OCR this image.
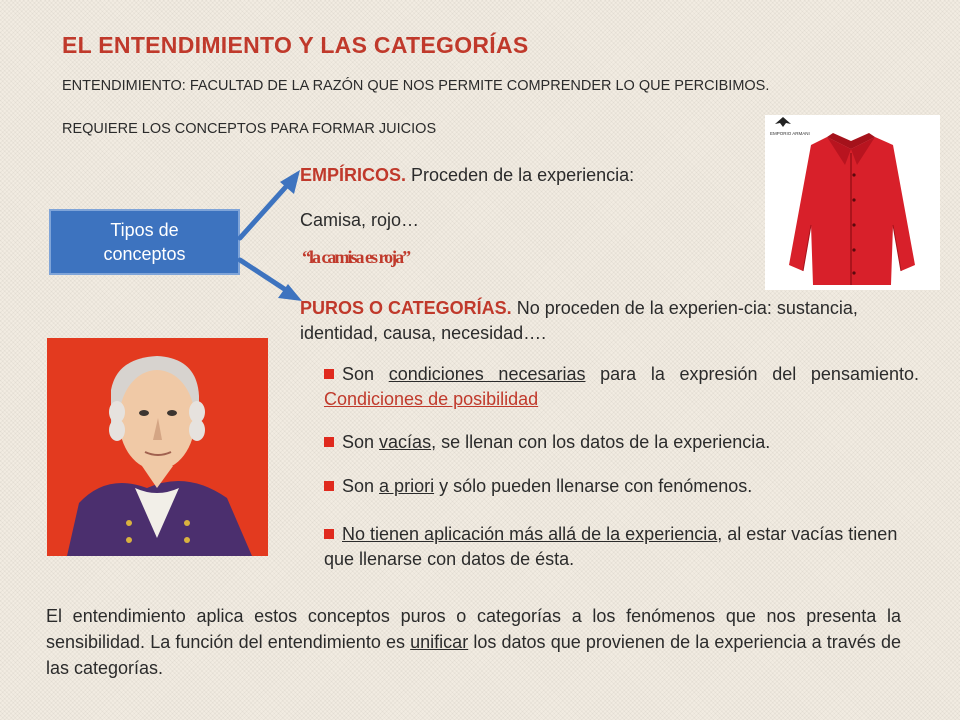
EL ENTENDIMIENTO Y LAS CATEGORÍAS
ENTENDIMIENTO: FACULTAD DE LA RAZÓN QUE NOS PERMITE COMPRENDER LO QUE PERCIBIMOS.
REQUIERE LOS CONCEPTOS PARA FORMAR JUICIOS
Tipos de
conceptos
EMPÍRICOS. Proceden de la experiencia:
Camisa, rojo…
“la camisa es roja”
EMPORIO ARMANI
PUROS O CATEGORÍAS. No proceden de la experien-cia: sustancia, identidad, causa, necesidad….
Son condiciones necesarias para la expresión del pensamiento. Condiciones de posibilidad
Son vacías, se llenan con los datos de la experiencia.
Son a priori y sólo pueden llenarse con fenómenos.
No tienen aplicación más allá de la experiencia, al estar vacías tienen que llenarse con datos de ésta.
El entendimiento aplica estos conceptos puros o categorías a los fenómenos que nos presenta la sensibilidad. La función del entendimiento es unificar los datos que provienen de la experiencia a través de las categorías.
